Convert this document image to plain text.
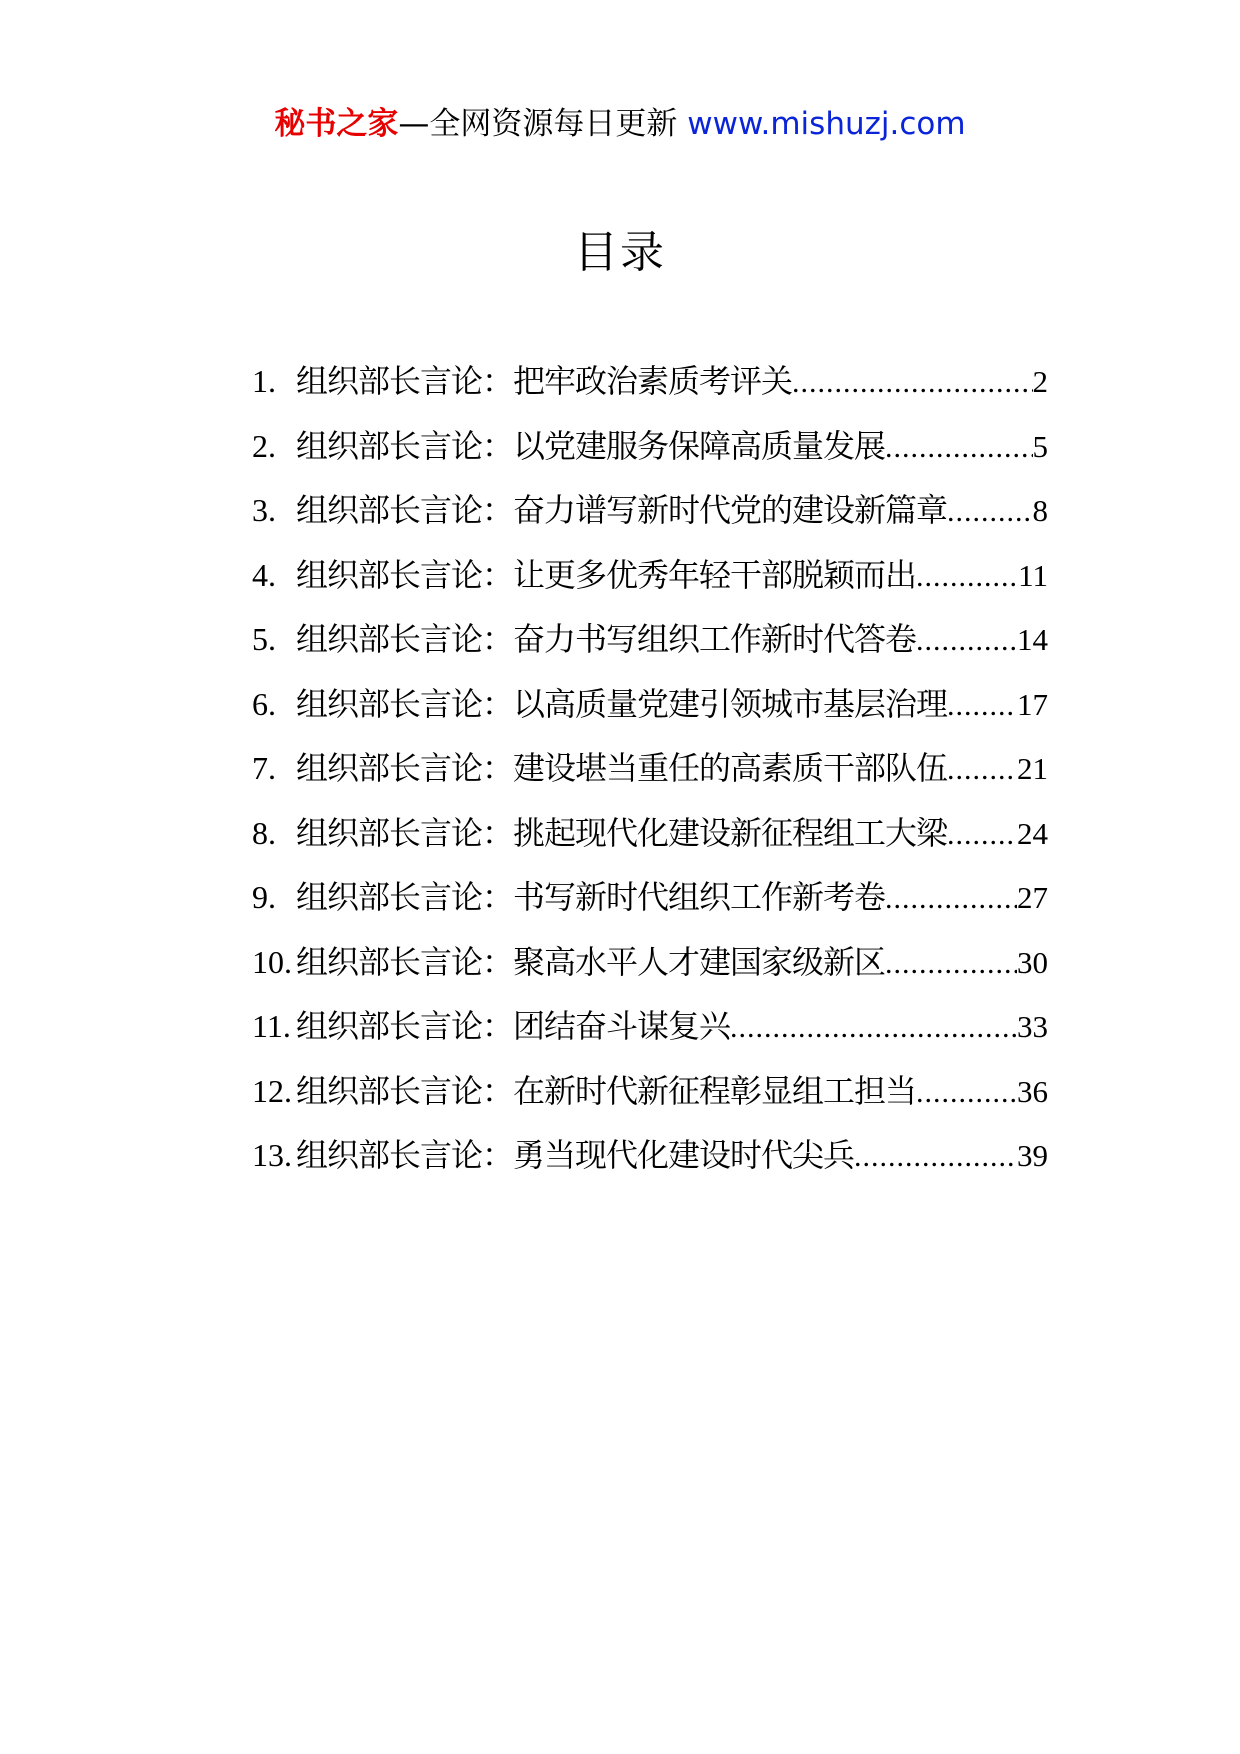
秘书之家—全网资源每日更新 www.mishuzj.com
目录
1. 组织部长言论：把牢政治素质考评关 .....	2
2. 组织部长言论：以党建服务保障高质量发展 .....	5
3. 组织部长言论：奋力谱写新时代党的建设新篇章 .....	8
4. 组织部长言论：让更多优秀年轻干部脱颖而出 .....	11
5. 组织部长言论：奋力书写组织工作新时代答卷 .....	14
6. 组织部长言论：以高质量党建引领城市基层治理 ..... 17
7. 组织部长言论：建设堪当重任的高素质干部队伍 ..... 21
8. 组织部长言论：挑起现代化建设新征程组工大梁 ..... 24
9. 组织部长言论：书写新时代组织工作新考卷 .....	27
10. 组织部长言论：聚高水平人才建国家级新区 .....	30
11. 组织部长言论：团结奋斗谋复兴 .....	33
12. 组织部长言论：在新时代新征程彰显组工担当 .....	36
13. 组织部长言论：勇当现代化建设时代尖兵 .....	39
